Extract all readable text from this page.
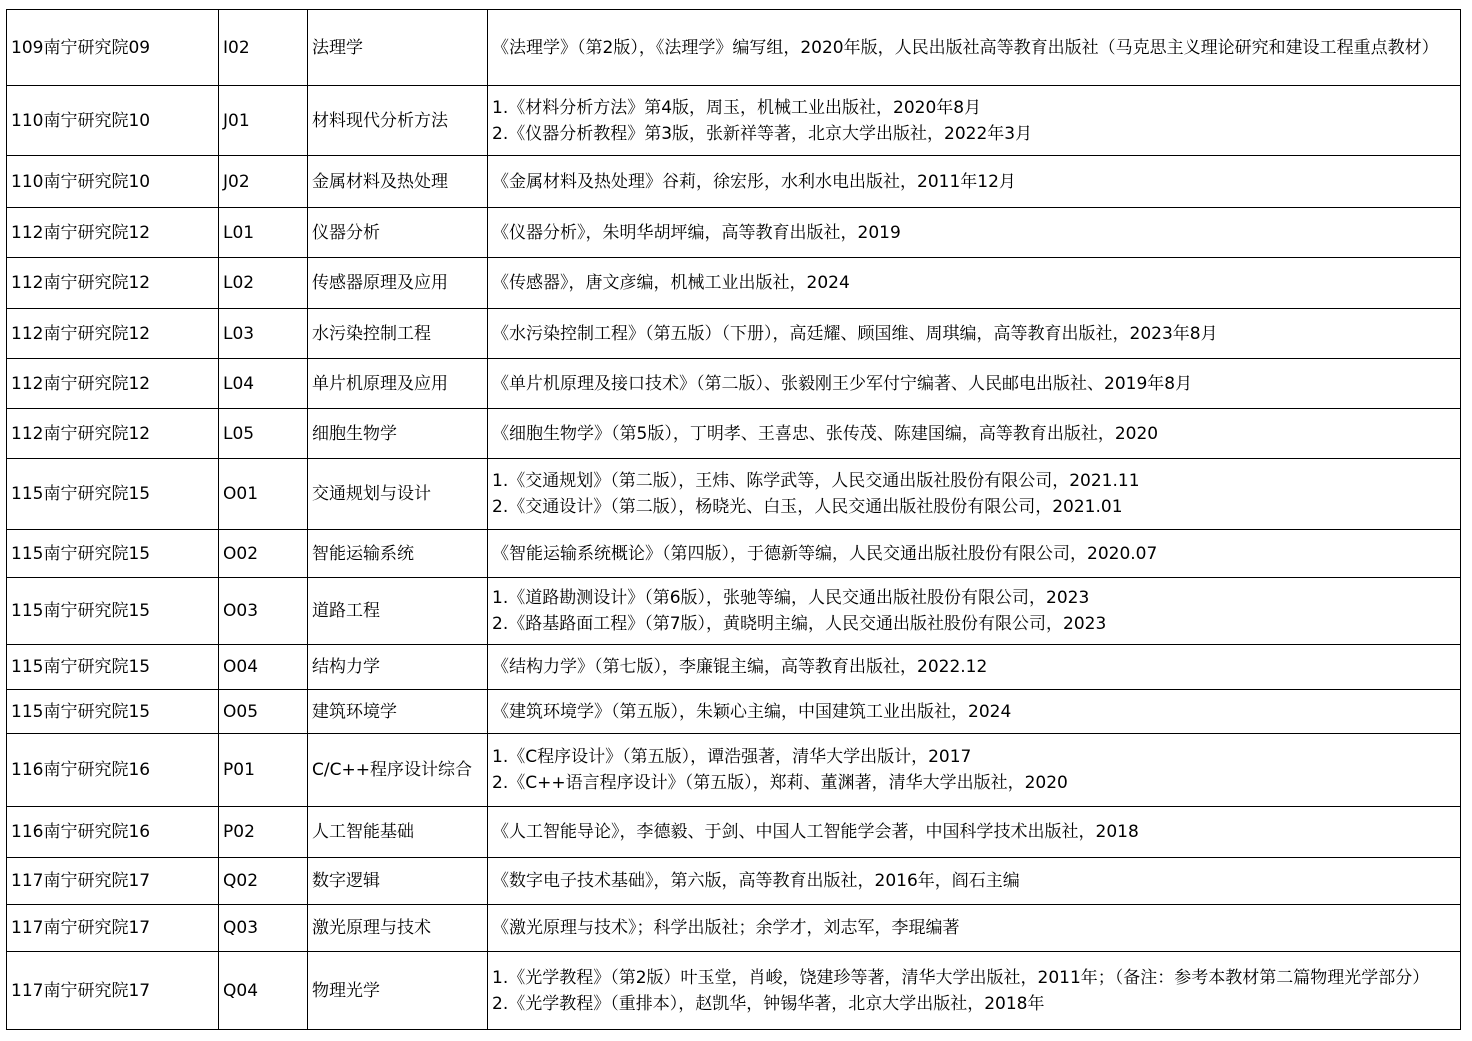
109南宁研究院09	I02	法理学	《法理学》（第2版），《法理学》编写组，2020年版，人民出版社高等教育出版社（马克思主义理论研究和建设工程重点教材）

110南宁研究院10	J01	材料现代分析方法	1.《材料分析方法》第4版，周玉，机械工业出版社，2020年8月
2.《仪器分析教程》第3版，张新祥等著，北京大学出版社，2022年3月

110南宁研究院10	J02	金属材料及热处理	《金属材料及热处理》谷莉，徐宏彤，水利水电出版社，2011年12月

112南宁研究院12	L01	仪器分析	《仪器分析》，朱明华胡坪编，高等教育出版社，2019

112南宁研究院12	L02	传感器原理及应用	《传感器》，唐文彦编，机械工业出版社，2024

112南宁研究院12	L03	水污染控制工程	《水污染控制工程》（第五版）（下册），高廷耀、顾国维、周琪编，高等教育出版社，2023年8月

112南宁研究院12	L04	单片机原理及应用	《单片机原理及接口技术》（第二版）、张毅刚王少军付宁编著、人民邮电出版社、2019年8月

112南宁研究院12	L05	细胞生物学	《细胞生物学》（第5版），丁明孝、王喜忠、张传茂、陈建国编，高等教育出版社，2020

115南宁研究院15	O01	交通规划与设计	1.《交通规划》（第二版），王炜、陈学武等，人民交通出版社股份有限公司，2021.11
2.《交通设计》（第二版），杨晓光、白玉，人民交通出版社股份有限公司，2021.01

115南宁研究院15	O02	智能运输系统	《智能运输系统概论》（第四版），于德新等编，人民交通出版社股份有限公司，2020.07

115南宁研究院15	O03	道路工程	1.《道路勘测设计》（第6版），张驰等编，人民交通出版社股份有限公司，2023
2.《路基路面工程》（第7版），黄晓明主编，人民交通出版社股份有限公司，2023

115南宁研究院15	O04	结构力学	《结构力学》（第七版），李廉锟主编，高等教育出版社，2022.12

115南宁研究院15	O05	建筑环境学	《建筑环境学》（第五版），朱颖心主编，中国建筑工业出版社，2024

116南宁研究院16	P01	C/C++程序设计综合	1.《C程序设计》（第五版），谭浩强著，清华大学出版计，2017
2.《C++语言程序设计》（第五版），郑莉、董渊著，清华大学出版社，2020

116南宁研究院16	P02	人工智能基础	《人工智能导论》，李德毅、于剑、中国人工智能学会著，中国科学技术出版社，2018

117南宁研究院17	Q02	数字逻辑	《数字电子技术基础》，第六版，高等教育出版社，2016年，阎石主编

117南宁研究院17	Q03	激光原理与技术	《激光原理与技术》；科学出版社；余学才，刘志军，李琨编著

117南宁研究院17	Q04	物理光学	1.《光学教程》（第2版）叶玉堂，肖峻，饶建珍等著，清华大学出版社，2011年；（备注：参考本教材第二篇物理光学部分）
2.《光学教程》（重排本），赵凯华，钟锡华著，北京大学出版社，2018年
